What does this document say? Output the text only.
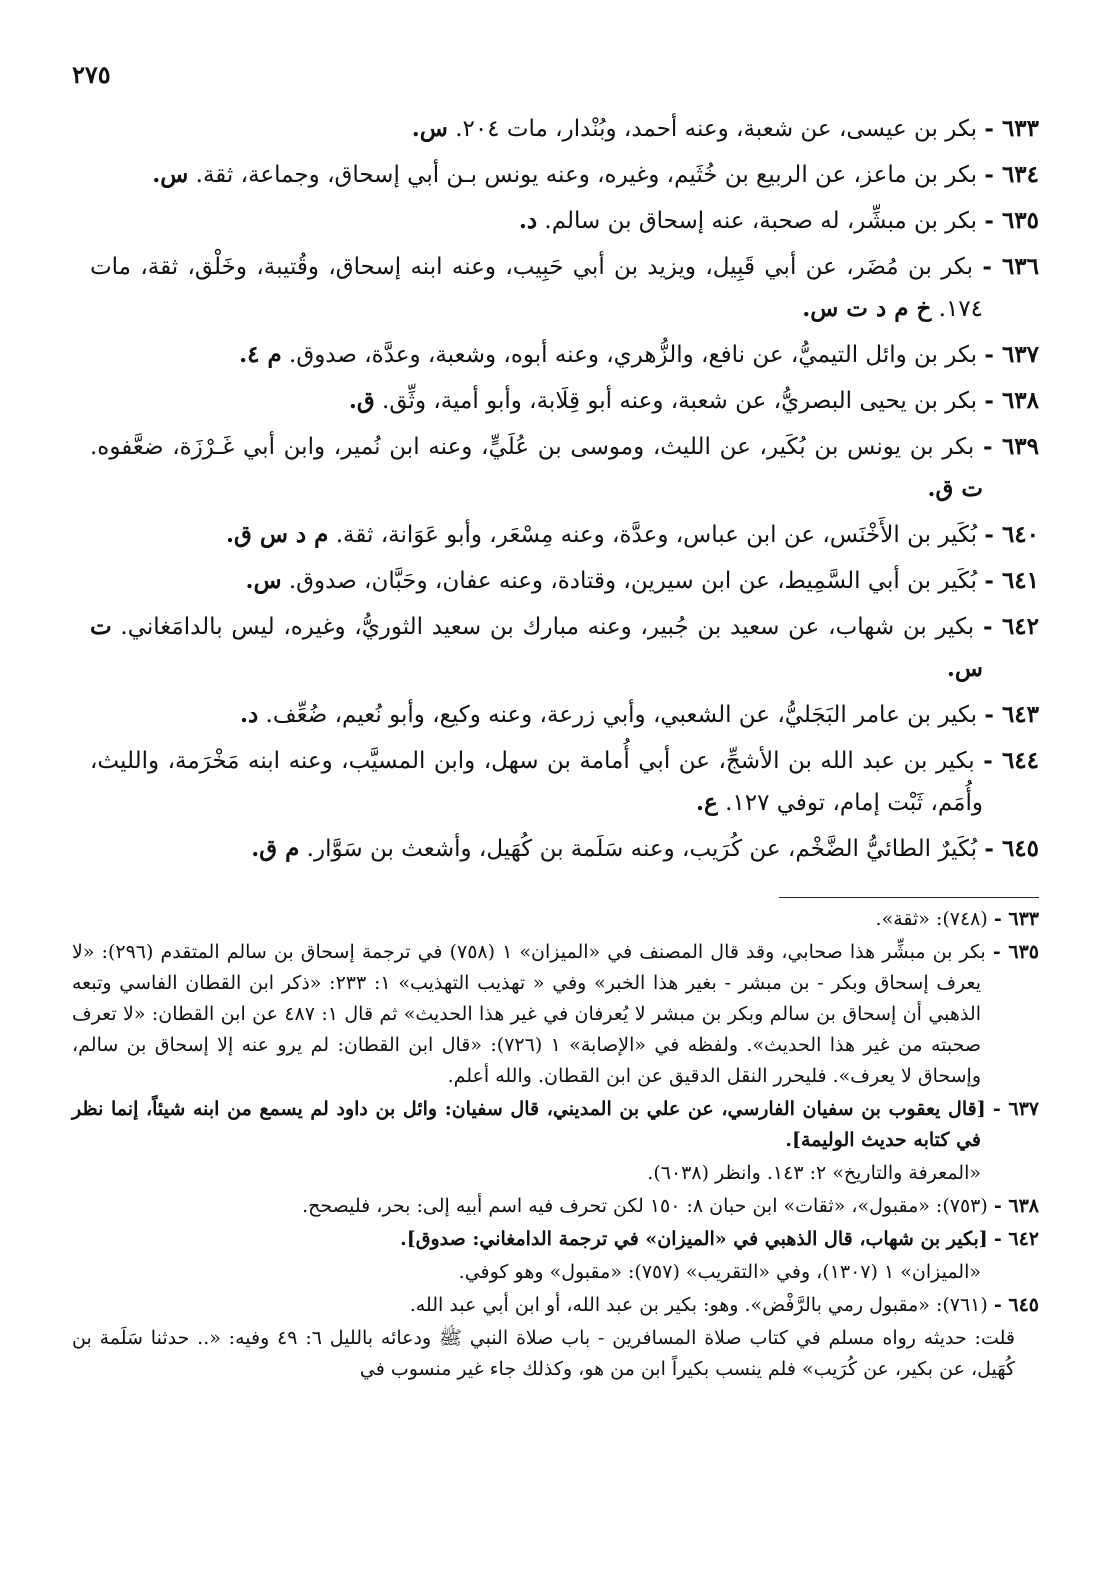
٢٧٥

٦٣٣ - بكر بن عيسى، عن شعبة، وعنه أحمد، وبُنْدار، مات ٢٠٤. س.

٦٣٤ - بكر بن ماعز، عن الربيع بن خُثَيم، وغيره، وعنه يونس بـن أبي إسحاق، وجماعة، ثقة. س.

٦٣٥ - بكر بن مبشِّر، له صحبة، عنه إسحاق بن سالم. د.

٦٣٦ - بكر بن مُضَر، عن أبي قَبِيل، ويزيد بن أبي حَبِيب، وعنه ابنه إسحاق، وقُتيبة، وخَلْق، ثقة، مات ١٧٤. خ م د ت س.

٦٣٧ - بكر بن وائل التيميُّ، عن نافع، والزُّهري، وعنه أبوه، وشعبة، وعدَّة، صدوق. م ٤.

٦٣٨ - بكر بن يحيى البصريُّ، عن شعبة، وعنه أبو قِلَابة، وأبو أمية، وثِّق. ق.

٦٣٩ - بكر بن يونس بن بُكَير، عن الليث، وموسى بن عُلَيٍّ، وعنه ابن نُمير، وابن أبي غَـرْزَة، ضعَّفوه. ت ق.

٦٤٠ - بُكَير بن الأَخْنَس، عن ابن عباس، وعدَّة، وعنه مِسْعَر، وأبو عَوَانة، ثقة. م د س ق.

٦٤١ - بُكَير بن أبي السَّمِيط، عن ابن سيرين، وقتادة، وعنه عفان، وحَبَّان، صدوق. س.

٦٤٢ - بكير بن شهاب، عن سعيد بن جُبير، وعنه مبارك بن سعيد الثوريُّ، وغيره، ليس بالدامَغاني. ت س.

٦٤٣ - بكير بن عامر البَجَليُّ، عن الشعبي، وأبي زرعة، وعنه وكيع، وأبو نُعيم، ضُعِّف. د.

٦٤٤ - بكير بن عبد الله بن الأشجِّ، عن أبي أُمامة بن سهل، وابن المسيَّب، وعنه ابنه مَخْرَمة، والليث، وأُمَم، ثَبْت إمام، توفي ١٢٧. ع.

٦٤٥ - بُكَيرٌ الطائيُّ الضَّخْم، عن كُرَيب، وعنه سَلَمة بن كُهَيل، وأشعث بن سَوَّار. م ق.

٦٣٣ - (٧٤٨): «ثقة».

٦٣٥ - بكر بن مبشِّر هذا صحابي، وقد قال المصنف في «الميزان» ١ (٧٥٨) في ترجمة إسحاق بن سالم المتقدم (٢٩٦): «لا يعرف إسحاق وبكر - بن مبشر - بغير هذا الخبر» وفي « تهذيب التهذيب» ١: ٢٣٣: «ذكر ابن القطان الفاسي وتبعه الذهبي أن إسحاق بن سالم وبكر بن مبشر لا يُعرفان في غير هذا الحديث» ثم قال ١: ٤٨٧ عن ابن القطان: «لا تعرف صحبته من غير هذا الحديث». ولفظه في «الإصابة» ١ (٧٢٦): «قال ابن القطان: لم يرو عنه إلا إسحاق بن سالم، وإسحاق لا يعرف». فليحرر النقل الدقيق عن ابن القطان. والله أعلم.

٦٣٧ - [قال يعقوب بن سفيان الفارسي، عن علي بن المديني، قال سفيان: وائل بن داود لم يسمع من ابنه شيئاً، إنما نظر في كتابه حديث الوليمة].

«المعرفة والتاريخ» ٢: ١٤٣. وانظر (٦٠٣٨).

٦٣٨ - (٧٥٣): «مقبول»، «ثقات» ابن حبان ٨: ١٥٠ لكن تحرف فيه اسم أبيه إلى: بحر، فليصحح.

٦٤٢ - [بكير بن شهاب، قال الذهبي في «الميزان» في ترجمة الدامغاني: صدوق].

«الميزان» ١ (١٣٠٧)، وفي «التقريب» (٧٥٧): «مقبول» وهو كوفي.

٦٤٥ - (٧٦١): «مقبول رمي بالرَّفْض». وهو: بكير بن عبد الله، أو ابن أبي عبد الله.

قلت: حديثه رواه مسلم في كتاب صلاة المسافرين - باب صلاة النبي ﷺ ودعائه بالليل ٦: ٤٩ وفيه: «.. حدثنا سَلَمة بن كُهَيل، عن بكير، عن كُرَيب» فلم ينسب بكيراً ابن من هو، وكذلك جاء غير منسوب في
